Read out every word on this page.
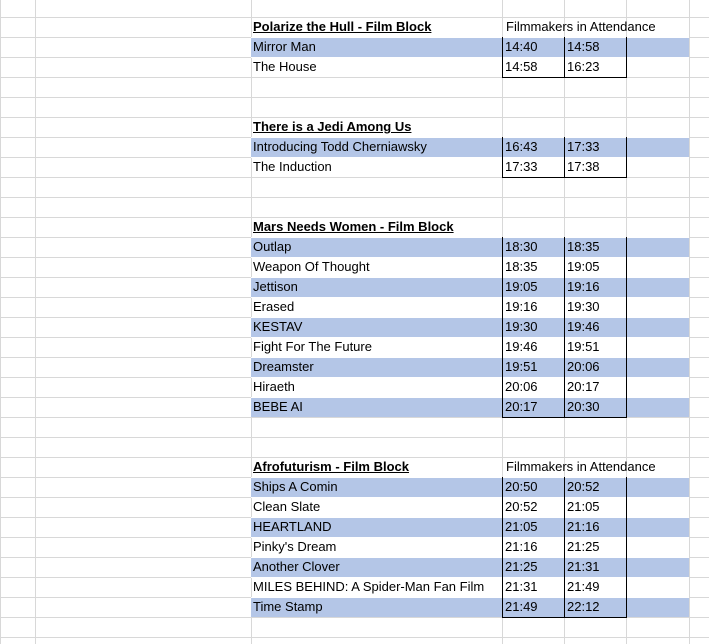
Polarize the Hull - Film Block	Filmmakers in Attendance
Mirror Man	14:40	14:58
The House	14:58	16:23
There is a Jedi Among Us
Introducing Todd Cherniawsky	16:43	17:33
The Induction	17:33	17:38
Mars Needs Women - Film Block
Outlap	18:30	18:35
Weapon Of Thought	18:35	19:05
Jettison	19:05	19:16
Erased	19:16	19:30
KESTAV	19:30	19:46
Fight For The Future	19:46	19:51
Dreamster	19:51	20:06
Hiraeth	20:06	20:17
BEBE AI	20:17	20:30
Afrofuturism - Film Block	Filmmakers in Attendance
Ships A Comin	20:50	20:52
Clean Slate	20:52	21:05
HEARTLAND	21:05	21:16
Pinky's Dream	21:16	21:25
Another Clover	21:25	21:31
MILES BEHIND: A Spider-Man Fan Film	21:31	21:49
Time Stamp	21:49	22:12
